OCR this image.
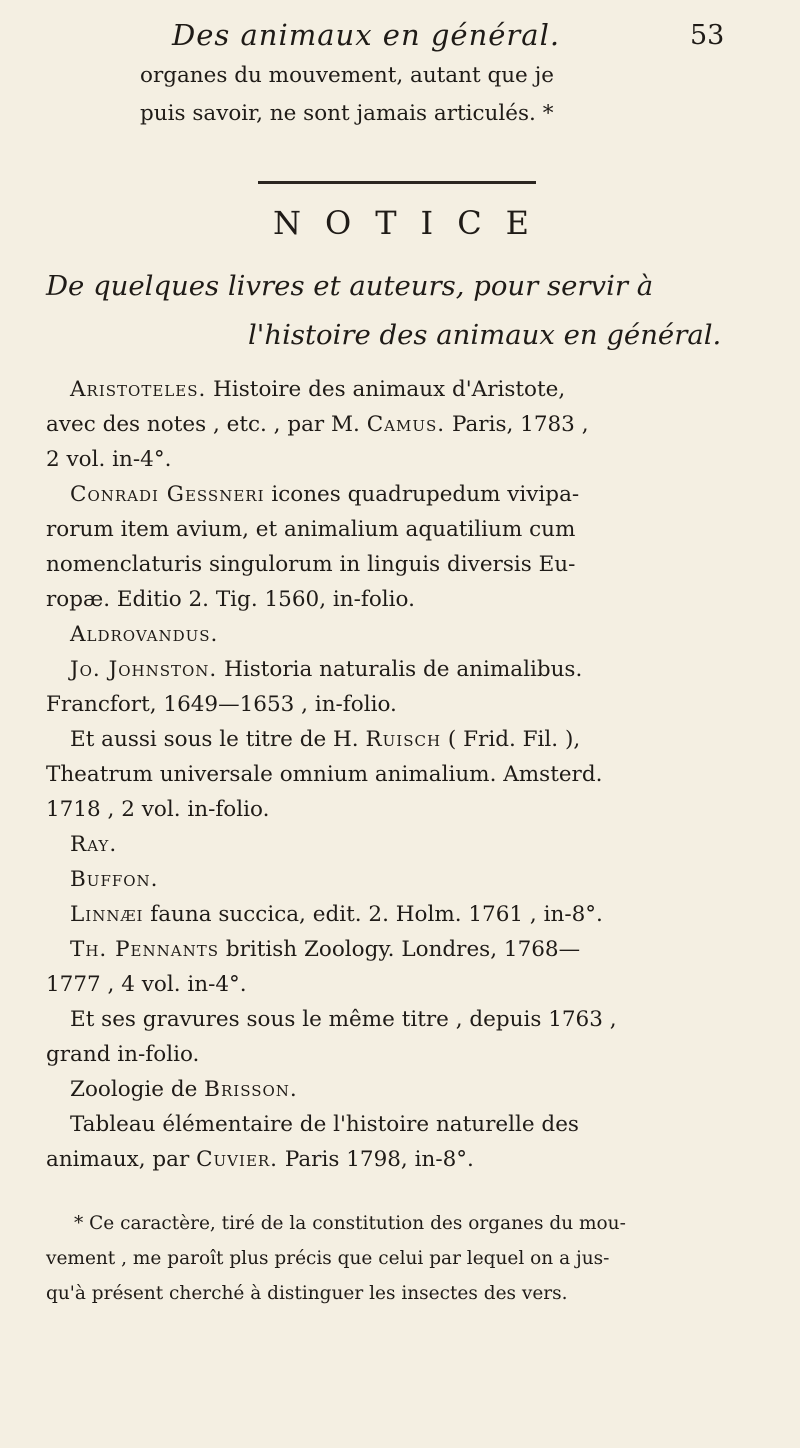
Des animaux en général.	53
organes du mouvement, autant que je
puis savoir, ne sont jamais articulés. *
NOTICE
De quelques livres et auteurs, pour servir à
l'histoire des animaux en général.
Aristoteles. Histoire des animaux d'Aristote,
avec des notes , etc. , par M. Camus. Paris, 1783 ,
2 vol. in-4°.
Conradi Gessneri icones quadrupedum vivipa-
rorum item avium, et animalium aquatilium cum
nomenclaturis singulorum in linguis diversis Eu-
ropæ. Editio 2. Tig. 1560, in-folio.
Aldrovandus.
Jo. Johnston. Historia naturalis de animalibus.
Francfort, 1649—1653 , in-folio.
Et aussi sous le titre de H. Ruisch ( Frid. Fil. ),
Theatrum universale omnium animalium. Amsterd.
1718 , 2 vol. in-folio.
Ray.
Buffon.
Linnæi fauna succica, edit. 2. Holm. 1761 , in-8°.
Th. Pennants british Zoology. Londres, 1768—
1777 , 4 vol. in-4°.
Et ses gravures sous le même titre , depuis 1763 ,
grand in-folio.
Zoologie de Brisson.
Tableau élémentaire de l'histoire naturelle des
animaux, par Cuvier. Paris 1798, in-8°.
* Ce caractère, tiré de la constitution des organes du mou-
vement , me paroît plus précis que celui par lequel on a jus-
qu'à présent cherché à distinguer les insectes des vers.
